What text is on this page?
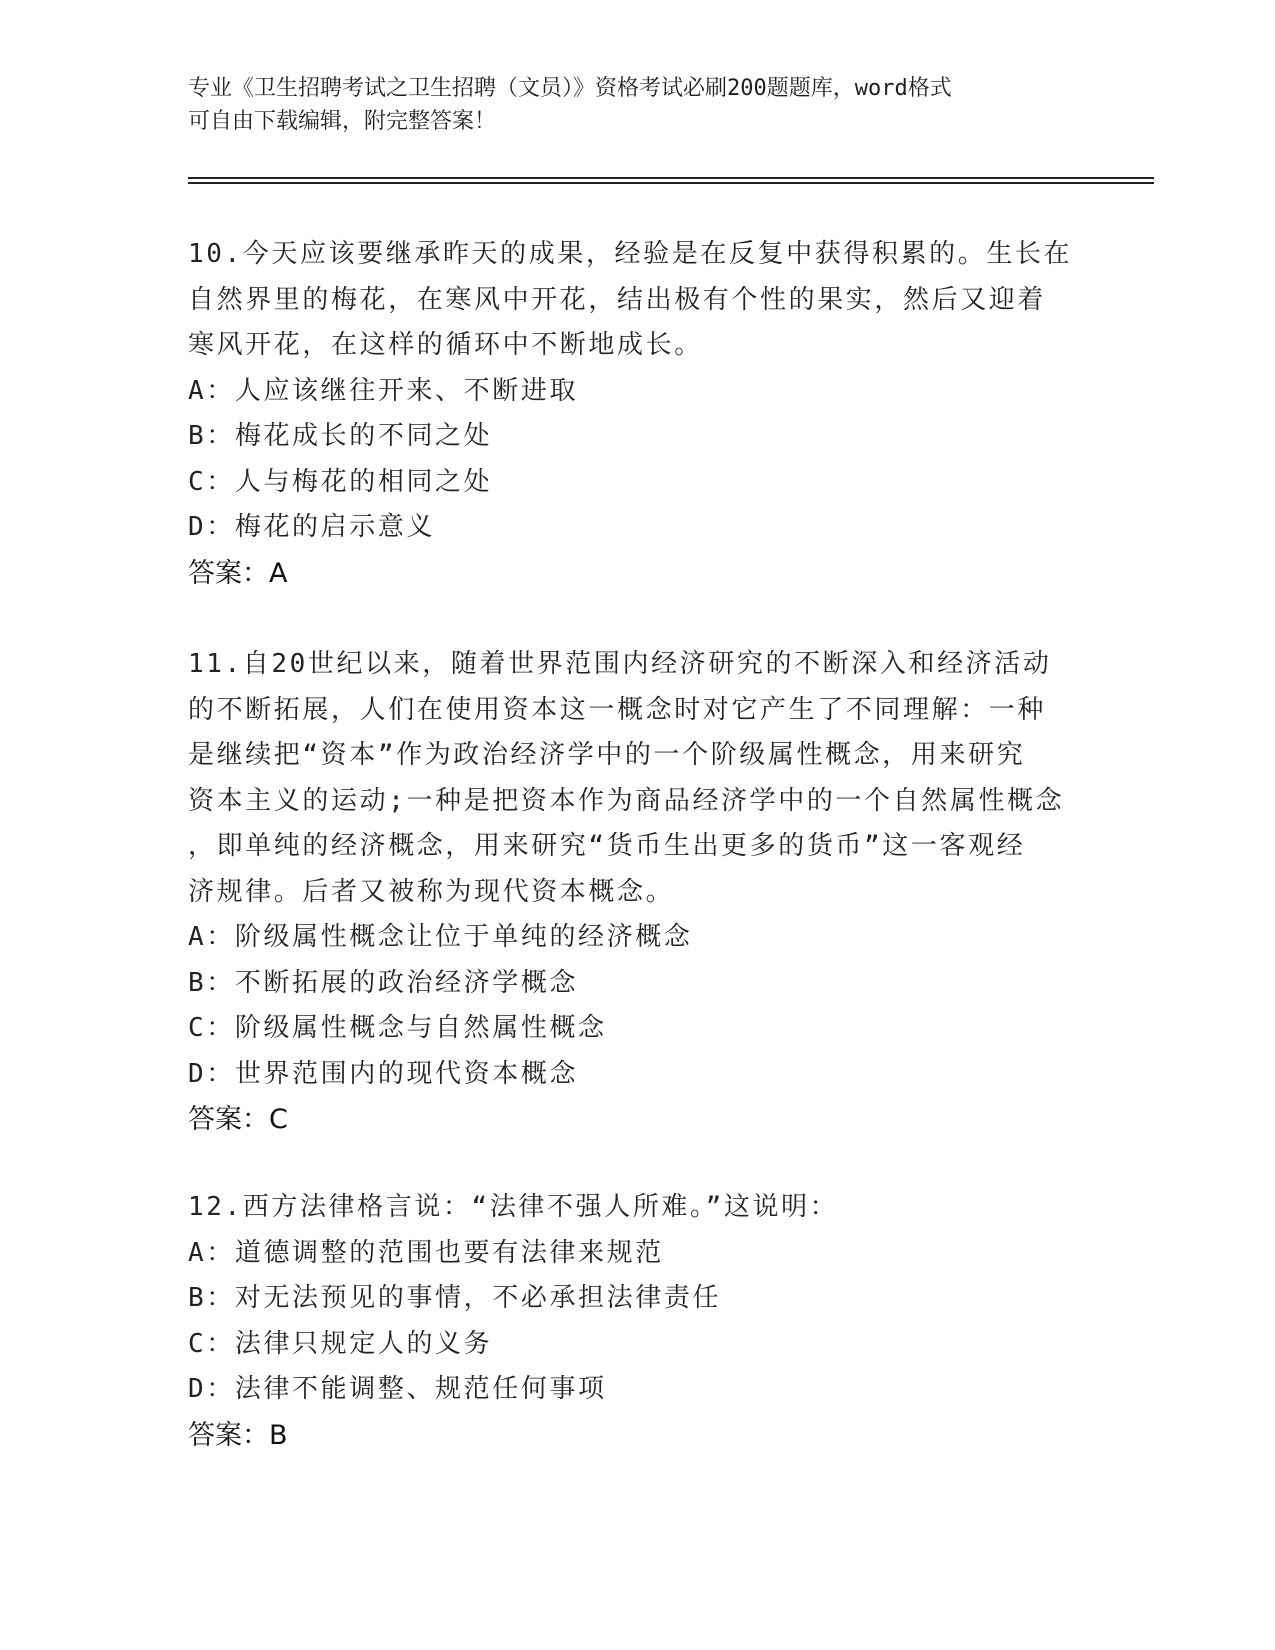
专业《卫生招聘考试之卫生招聘（文员）》资格考试必刷200题题库，word格式
可自由下载编辑，附完整答案！
10.今天应该要继承昨天的成果，经验是在反复中获得积累的。生长在
自然界里的梅花，在寒风中开花，结出极有个性的果实，然后又迎着
寒风开花，在这样的循环中不断地成长。
A：人应该继往开来、不断进取
B：梅花成长的不同之处
C：人与梅花的相同之处
D：梅花的启示意义
答案：A
11.自20世纪以来，随着世界范围内经济研究的不断深入和经济活动
的不断拓展，人们在使用资本这一概念时对它产生了不同理解：一种
是继续把“资本”作为政治经济学中的一个阶级属性概念，用来研究
资本主义的运动;一种是把资本作为商品经济学中的一个自然属性概念
，即单纯的经济概念，用来研究“货币生出更多的货币”这一客观经
济规律。后者又被称为现代资本概念。
A：阶级属性概念让位于单纯的经济概念
B：不断拓展的政治经济学概念
C：阶级属性概念与自然属性概念
D：世界范围内的现代资本概念
答案：C
12.西方法律格言说：“法律不强人所难。”这说明：
A：道德调整的范围也要有法律来规范
B：对无法预见的事情，不必承担法律责任
C：法律只规定人的义务
D：法律不能调整、规范任何事项
答案：B
